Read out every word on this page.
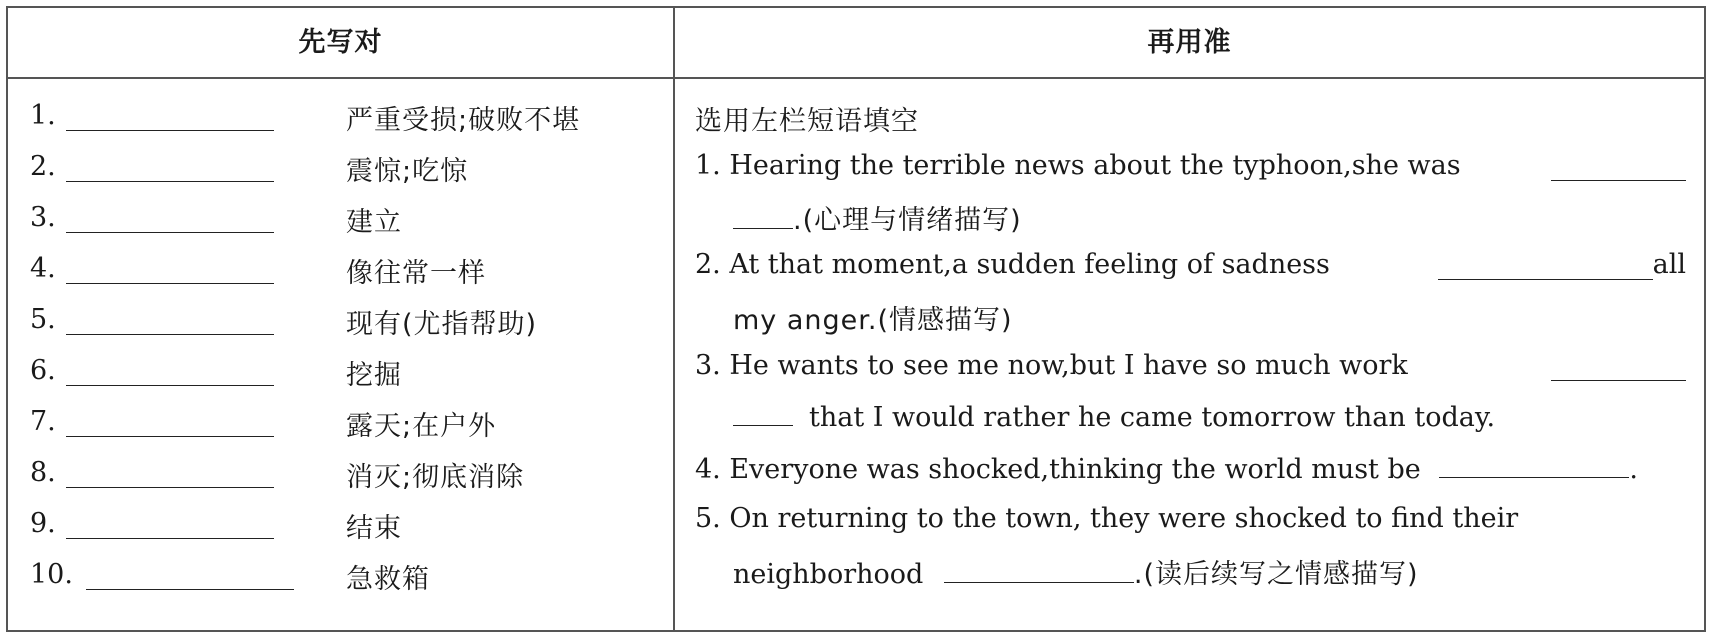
先写对	再用准
1.	严重受损;破败不堪
2.	震惊;吃惊
3.	建立
4.	像往常一样
5.	现有(尤指帮助)
6.	挖掘
7.	露天;在户外
8.	消灭;彻底消除
9.	结束
10.	急救箱
选用左栏短语填空
1. Hearing the terrible news about the typhoon,she was
.(心理与情绪描写)
2. At that moment,a sudden feeling of sadness	all
my anger.(情感描写)
3. He wants to see me now,but I have so much work
that I would rather he came tomorrow than today.
4. Everyone was shocked,thinking the world must be	.
5. On returning to the town, they were shocked to find their
neighborhood	.(读后续写之情感描写)
